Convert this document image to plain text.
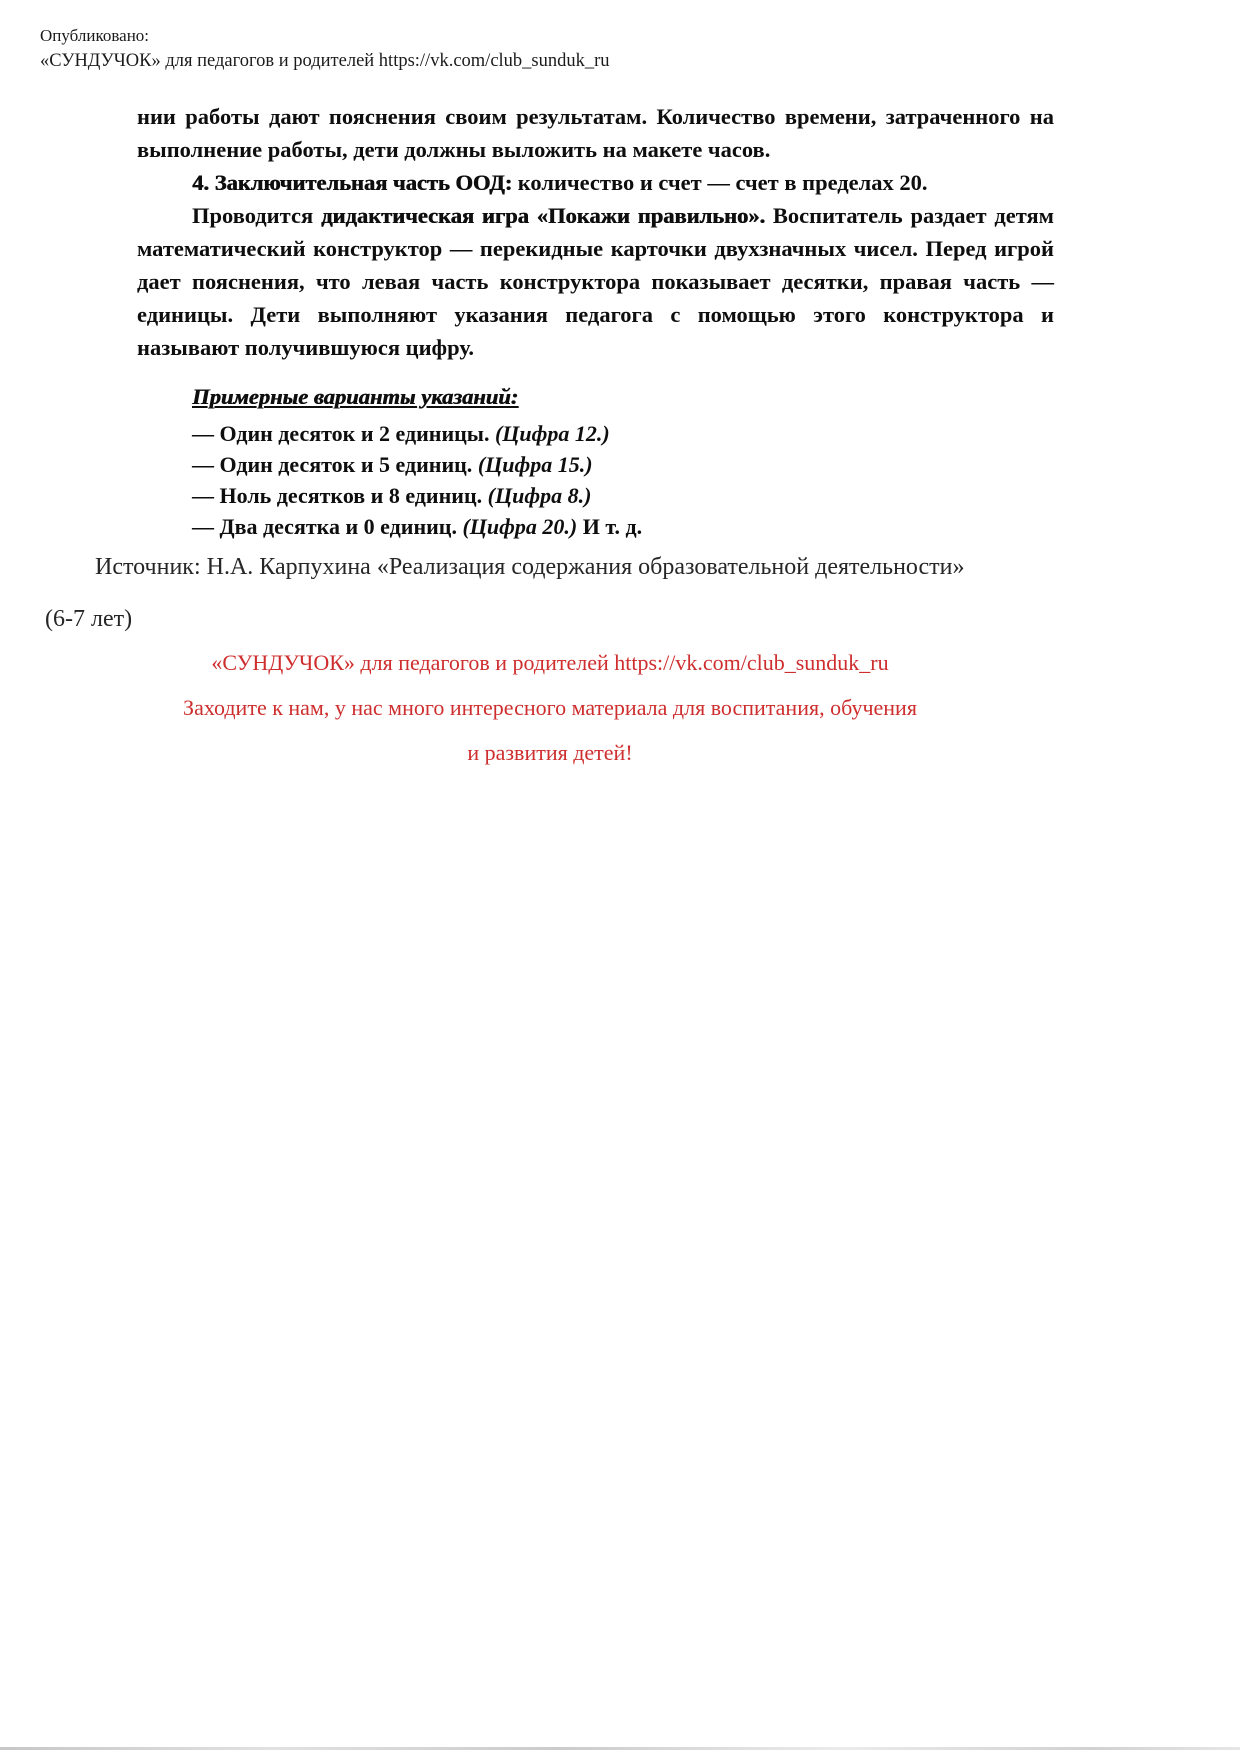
Опубликовано:
«СУНДУЧОК» для педагогов и родителей https://vk.com/club_sunduk_ru

нии работы дают пояснения своим результатам. Количество времени, затраченного на выполнение работы, дети должны выложить на макете часов.

4. Заключительная часть ООД: количество и счет — счет в пределах 20.

Проводится дидактическая игра «Покажи правильно». Воспитатель раздает детям математический конструктор — перекидные карточки двухзначных чисел. Перед игрой дает пояснения, что левая часть конструктора показывает десятки, правая часть — единицы. Дети выполняют указания педагога с помощью этого конструктора и называют получившуюся цифру.

Примерные варианты указаний:
— Один десяток и 2 единицы. (Цифра 12.)
— Один десяток и 5 единиц. (Цифра 15.)
— Ноль десятков и 8 единиц. (Цифра 8.)
— Два десятка и 0 единиц. (Цифра 20.) И т. д.
Источник: Н.А. Карпухина «Реализация содержания образовательной деятельности»
(6-7 лет)
«СУНДУЧОК» для педагогов и родителей https://vk.com/club_sunduk_ru
Заходите к нам, у нас много интересного материала для воспитания, обучения
и развития детей!
